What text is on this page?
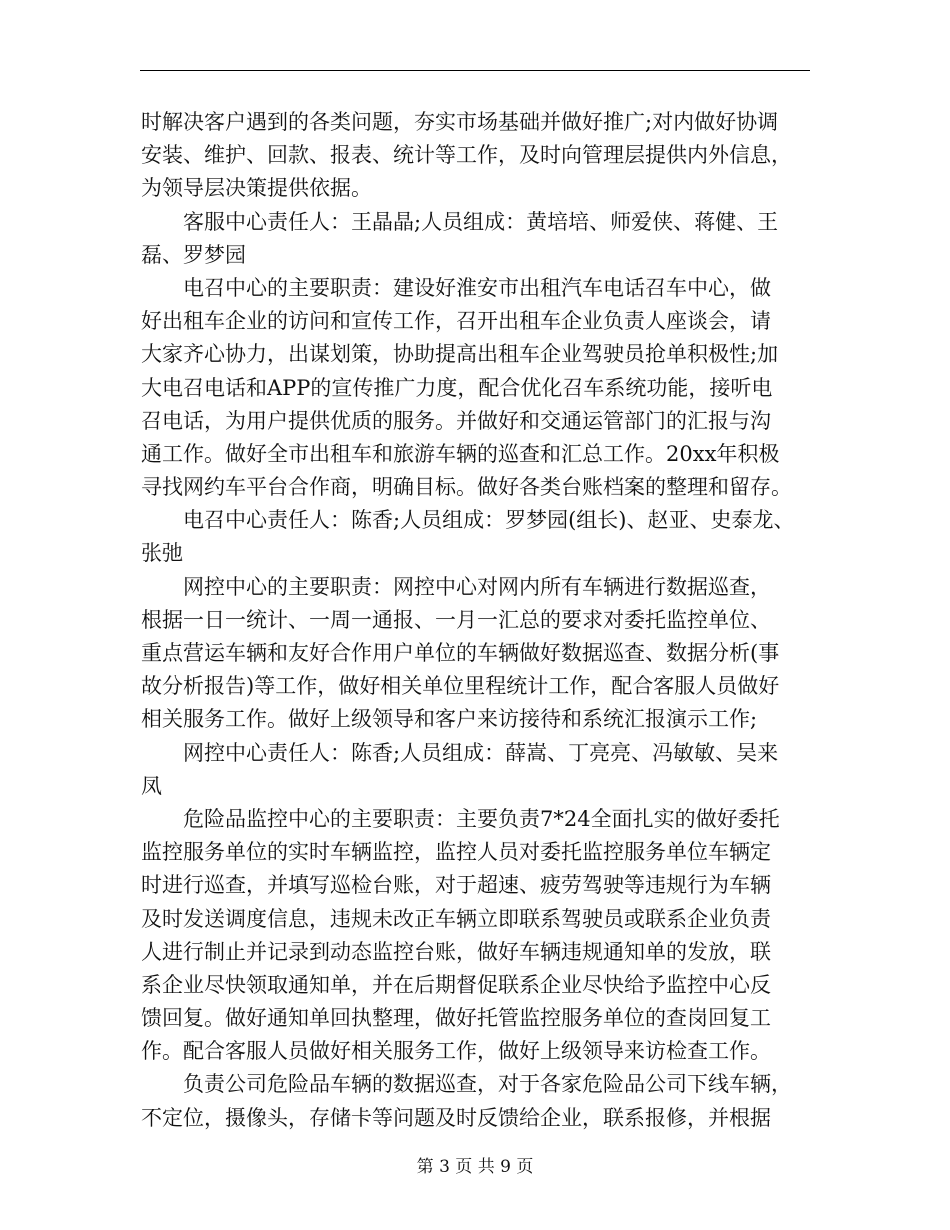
时解决客户遇到的各类问题，夯实市场基础并做好推广;对内做好协调
安装、维护、回款、报表、统计等工作，及时向管理层提供内外信息，
为领导层决策提供依据。
　　客服中心责任人：王晶晶;人员组成：黄培培、师爱侠、蒋健、王
磊、罗梦园
　　电召中心的主要职责：建设好淮安市出租汽车电话召车中心，做
好出租车企业的访问和宣传工作，召开出租车企业负责人座谈会，请
大家齐心协力，出谋划策，协助提高出租车企业驾驶员抢单积极性;加
大电召电话和APP的宣传推广力度，配合优化召车系统功能，接听电
召电话，为用户提供优质的服务。并做好和交通运管部门的汇报与沟
通工作。做好全市出租车和旅游车辆的巡查和汇总工作。20xx年积极
寻找网约车平台合作商，明确目标。做好各类台账档案的整理和留存。
　　电召中心责任人：陈香;人员组成：罗梦园(组长)、赵亚、史泰龙、
张弛
　　网控中心的主要职责：网控中心对网内所有车辆进行数据巡查，
根据一日一统计、一周一通报、一月一汇总的要求对委托监控单位、
重点营运车辆和友好合作用户单位的车辆做好数据巡查、数据分析(事
故分析报告)等工作，做好相关单位里程统计工作，配合客服人员做好
相关服务工作。做好上级领导和客户来访接待和系统汇报演示工作;
　　网控中心责任人：陈香;人员组成：薛嵩、丁亮亮、冯敏敏、吴来
凤
　　危险品监控中心的主要职责：主要负责7*24全面扎实的做好委托
监控服务单位的实时车辆监控，监控人员对委托监控服务单位车辆定
时进行巡查，并填写巡检台账，对于超速、疲劳驾驶等违规行为车辆
及时发送调度信息，违规未改正车辆立即联系驾驶员或联系企业负责
人进行制止并记录到动态监控台账，做好车辆违规通知单的发放，联
系企业尽快领取通知单，并在后期督促联系企业尽快给予监控中心反
馈回复。做好通知单回执整理，做好托管监控服务单位的查岗回复工
作。配合客服人员做好相关服务工作，做好上级领导来访检查工作。
　　负责公司危险品车辆的数据巡查，对于各家危险品公司下线车辆，
不定位，摄像头，存储卡等问题及时反馈给企业，联系报修，并根据
第 3 页 共 9 页
